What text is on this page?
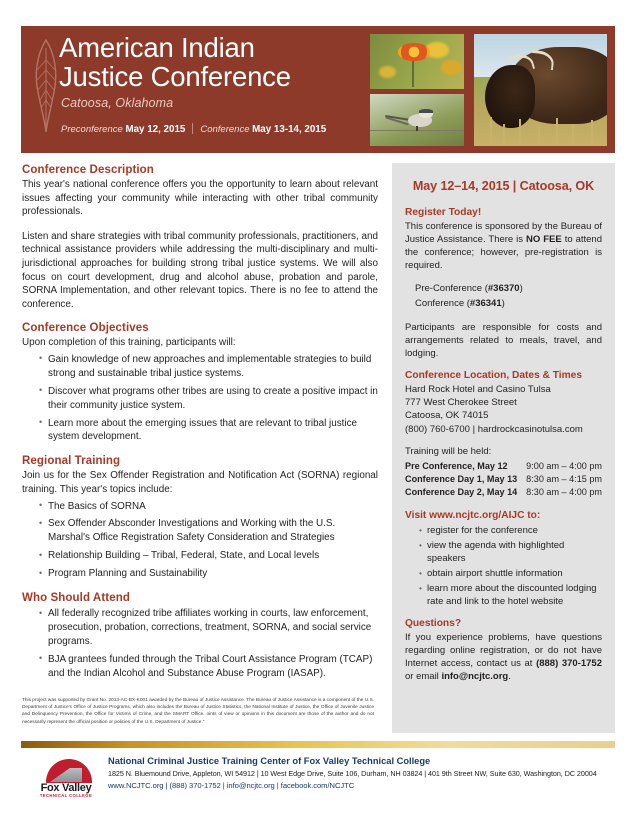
American Indian
Justice Conference
Catoosa, Oklahoma
Preconference May 12, 2015 Conference May 13-14, 2015
Conference Description

This year's national conference offers you the opportunity to learn about relevant issues affecting your community while interacting with other tribal community professionals.

Listen and share strategies with tribal community professionals, practitioners, and technical assistance providers while addressing the multi-disciplinary and multi-jurisdictional approaches for building strong tribal justice systems. We will also focus on court development, drug and alcohol abuse, probation and parole, SORNA Implementation, and other relevant topics. There is no fee to attend the conference.

Conference Objectives

Upon completion of this training, participants will:

• Gain knowledge of new approaches and implementable strategies to build strong and sustainable tribal justice systems.
• Discover what programs other tribes are using to create a positive impact in their community justice system.
• Learn more about the emerging issues that are relevant to tribal justice system development.
Regional Training

Join us for the Sex Offender Registration and Notification Act (SORNA) regional training. This year's topics include:

• The Basics of SORNA
• Sex Offender Absconder Investigations and Working with the U.S. Marshal's Office Registration Safety Consideration and Strategies
• Relationship Building – Tribal, Federal, State, and Local levels
• Program Planning and Sustainability
Who Should Attend
• All federally recognized tribe affiliates working in courts, law enforcement, prosecution, probation, corrections, treatment, SORNA, and social service programs.
• BJA grantees funded through the Tribal Court Assistance Program (TCAP) and the Indian Alcohol and Substance Abuse Program (IASAP).
This project was supported by Grant No. 2013-AC-BX-K001 awarded by the Bureau of Justice Assistance. The Bureau of Justice Assistance is a component of the U.S. Department of Justice's Office of Justice Programs, which also includes the Bureau of Justice Statistics, the National Institute of Justice, the Office of Juvenile Justice and Delinquency Prevention, the Office for Victims of Crime, and the SMART Office. oints of view or opinions in this document are those of the author and do not necessarily represent the official position or policies of the U.S. Department of Justice."
May 12–14, 2015 | Catoosa, OK
Register Today!

This conference is sponsored by the Bureau of Justice Assistance. There is NO FEE to attend the conference; however, pre-registration is required.

Pre-Conference (#36370)
Conference (#36341)

Participants are responsible for costs and arrangements related to meals, travel, and lodging.

Conference Location, Dates & Times
Hard Rock Hotel and Casino Tulsa
777 West Cherokee Street
Catoosa, OK 74015
(800) 760-6700 | hardrockcasinotulsa.com
Training will be held:
Pre Conference, May 12	9:00 am – 4:00 pm
Conference Day 1, May 13	8:30 am – 4:15 pm
Conference Day 2, May 14	8:30 am – 4:00 pm
Visit www.ncjtc.org/AIJC to:
• register for the conference
• view the agenda with highlighted speakers
• obtain airport shuttle information
• learn more about the discounted lodging rate and link to the hotel website
Questions?

If you experience problems, have questions regarding online registration, or do not have Internet access, contact us at (888) 370-1752 or email info@ncjtc.org.

Fox Valley
TECHNICAL COLLEGE
National Criminal Justice Training Center of Fox Valley Technical College
1825 N. Bluemound Drive, Appleton, WI 54912 | 10 West Edge Drive, Suite 106, Durham, NH 03824 | 401 9th Street NW, Suite 630, Washington, DC 20004
www.NCJTC.org | (888) 370-1752 | info@ncjtc.org | facebook.com/NCJTC
